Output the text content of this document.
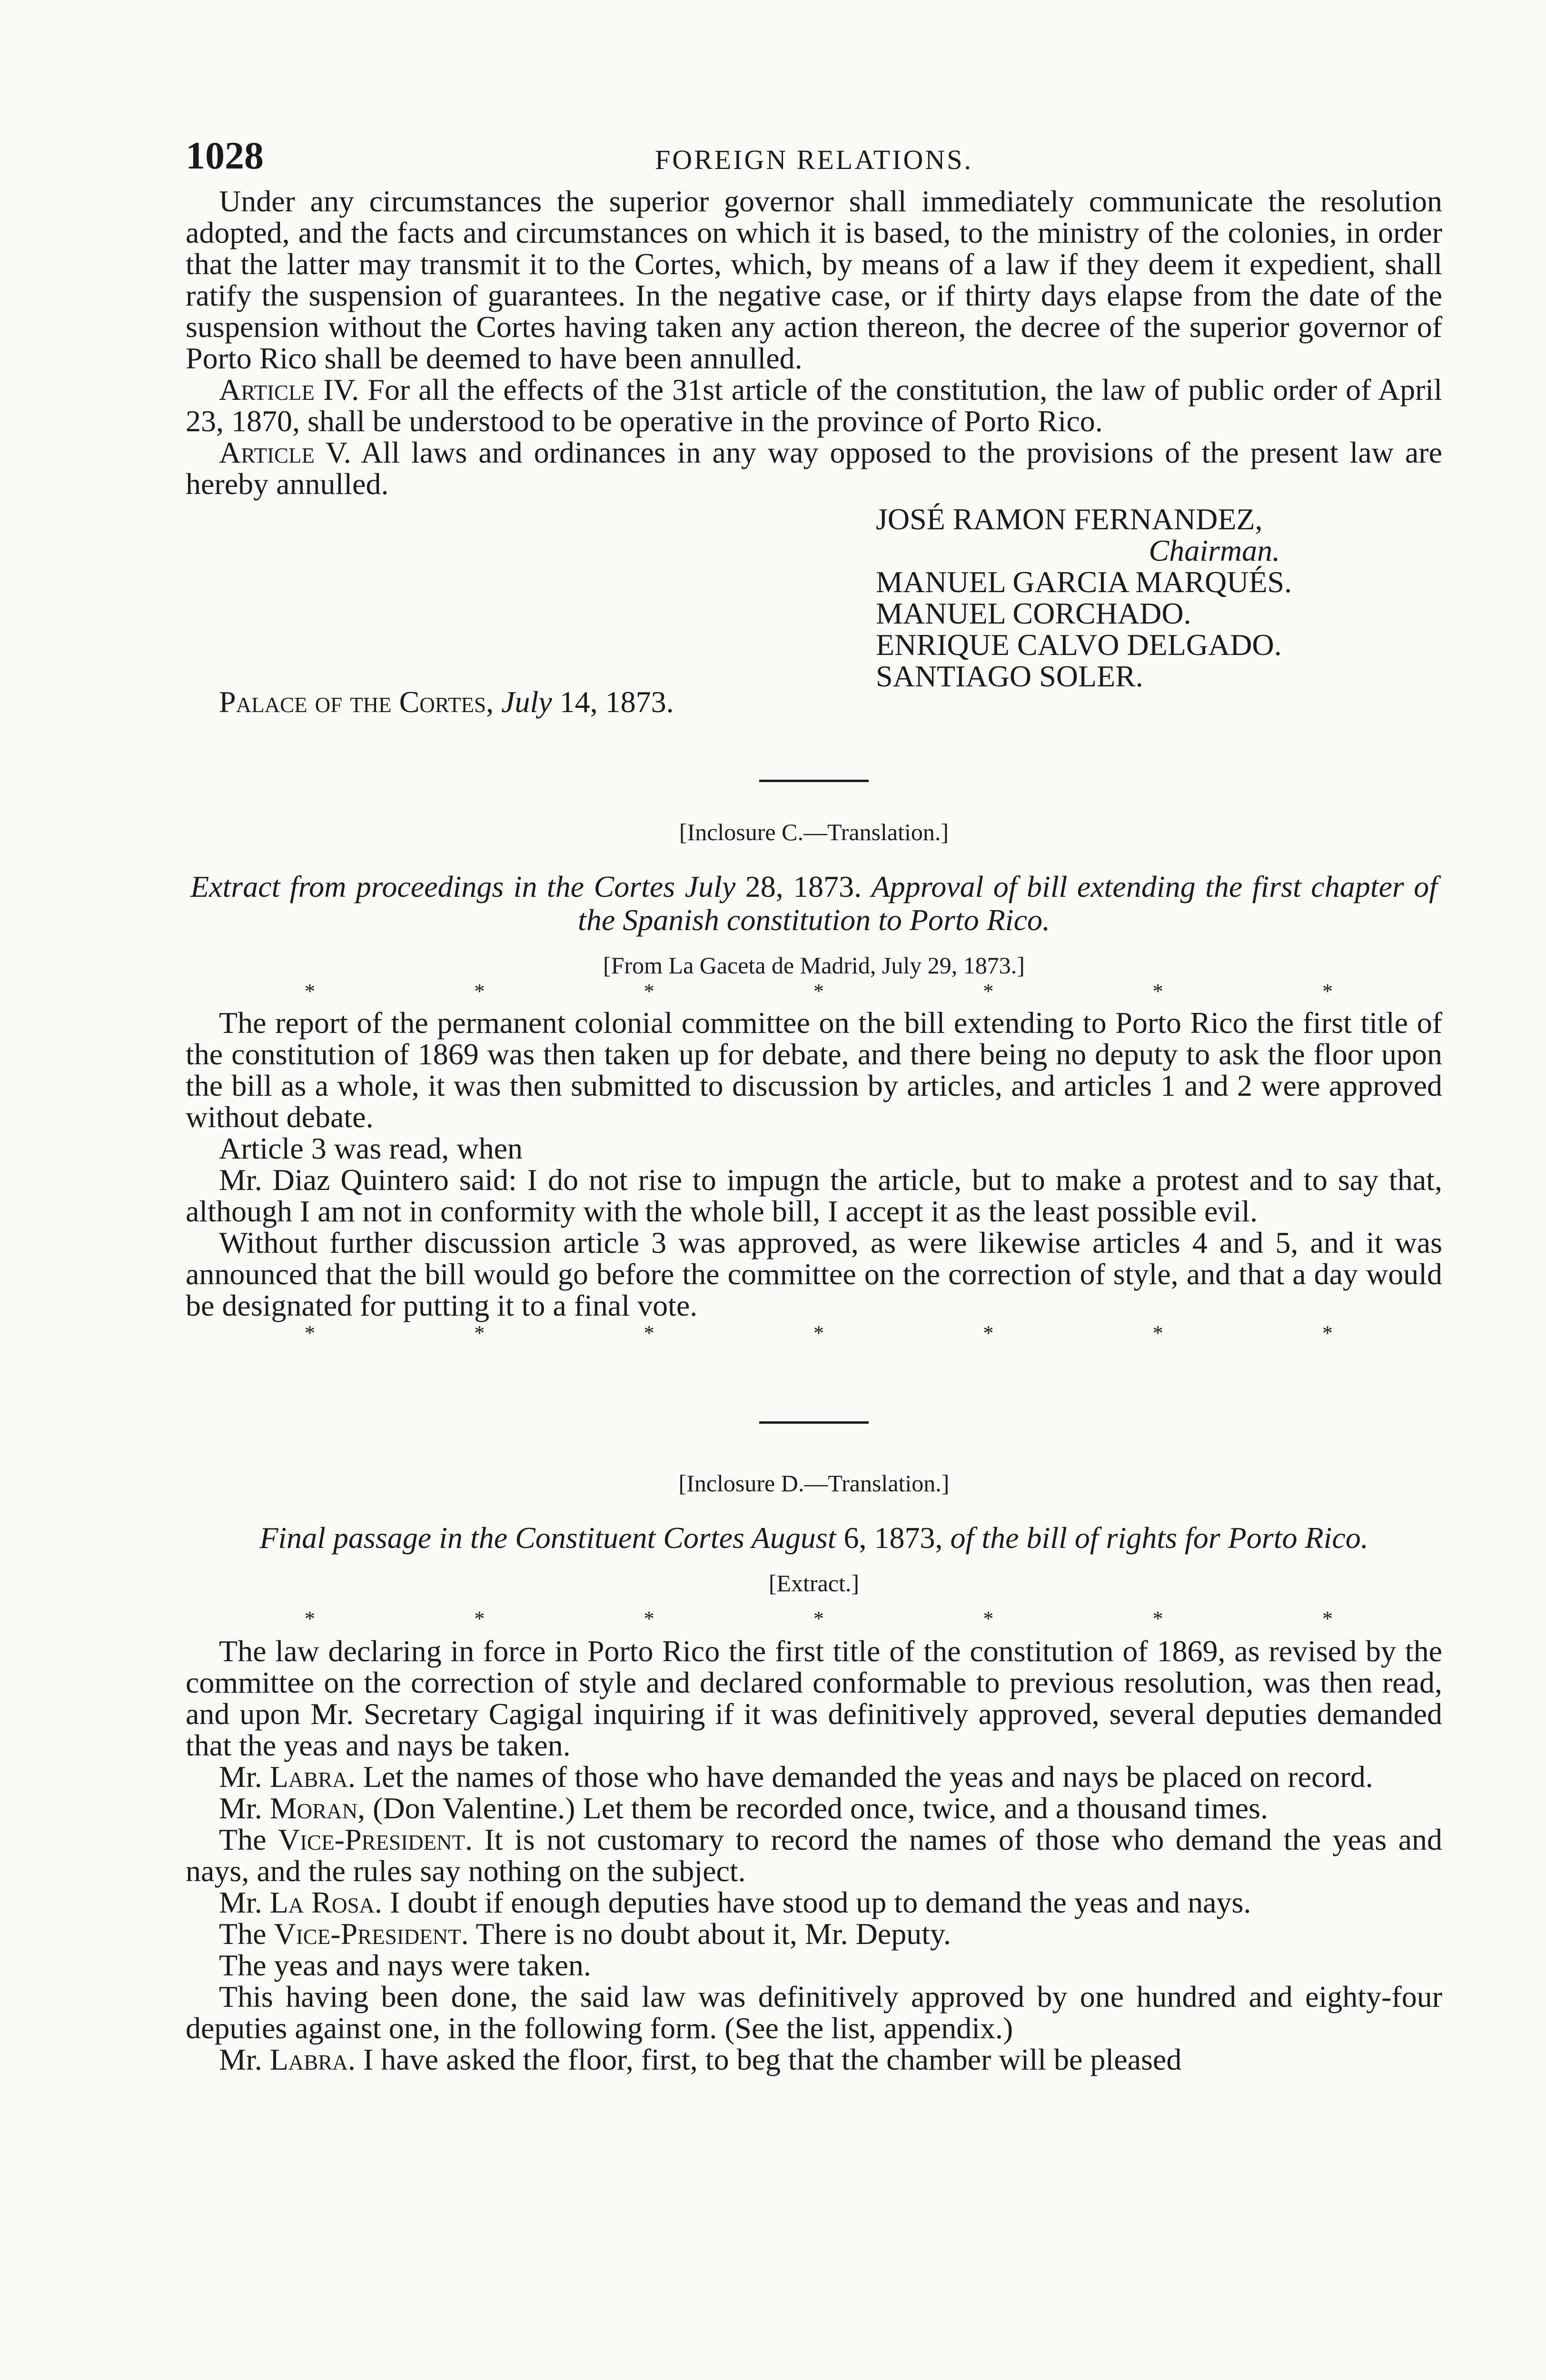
1028	FOREIGN RELATIONS.

Under any circumstances the superior governor shall immediately communicate the resolution adopted, and the facts and circumstances on which it is based, to the ministry of the colonies, in order that the latter may transmit it to the Cortes, which, by means of a law if they deem it expedient, shall ratify the suspension of guarantees. In the negative case, or if thirty days elapse from the date of the suspension without the Cortes having taken any action thereon, the decree of the superior governor of Porto Rico shall be deemed to have been annulled.

Article IV. For all the effects of the 31st article of the constitution, the law of public order of April 23, 1870, shall be understood to be operative in the province of Porto Rico.

Article V. All laws and ordinances in any way opposed to the provisions of the present law are hereby annulled.

JOSÉ RAMON FERNANDEZ,
Chairman.
MANUEL GARCIA MARQUÉS.
MANUEL CORCHADO.
ENRIQUE CALVO DELGADO.
SANTIAGO SOLER.
Palace of the Cortes, July 14, 1873.
[Inclosure C.—Translation.]
Extract from proceedings in the Cortes July 28, 1873. Approval of bill extending the first chapter of the Spanish constitution to Porto Rico.
[From La Gaceta de Madrid, July 29, 1873.]
*	*	*	*	*	*	*

The report of the permanent colonial committee on the bill extending to Porto Rico the first title of the constitution of 1869 was then taken up for debate, and there being no deputy to ask the floor upon the bill as a whole, it was then submitted to discussion by articles, and articles 1 and 2 were approved without debate.

Article 3 was read, when

Mr. Diaz Quintero said: I do not rise to impugn the article, but to make a protest and to say that, although I am not in conformity with the whole bill, I accept it as the least possible evil.

Without further discussion article 3 was approved, as were likewise articles 4 and 5, and it was announced that the bill would go before the committee on the correction of style, and that a day would be designated for putting it to a final vote.

*	*	*	*	*	*	*
[Inclosure D.—Translation.]
Final passage in the Constituent Cortes August 6, 1873, of the bill of rights for Porto Rico.
[Extract.]
*	*	*	*	*	*	*

The law declaring in force in Porto Rico the first title of the constitution of 1869, as revised by the committee on the correction of style and declared conformable to previous resolution, was then read, and upon Mr. Secretary Cagigal inquiring if it was definitively approved, several deputies demanded that the yeas and nays be taken.

Mr. Labra. Let the names of those who have demanded the yeas and nays be placed on record.

Mr. Moran, (Don Valentine.) Let them be recorded once, twice, and a thousand times.

The Vice-President. It is not customary to record the names of those who demand the yeas and nays, and the rules say nothing on the subject.

Mr. La Rosa. I doubt if enough deputies have stood up to demand the yeas and nays.

The Vice-President. There is no doubt about it, Mr. Deputy.

The yeas and nays were taken.

This having been done, the said law was definitively approved by one hundred and eighty-four deputies against one, in the following form. (See the list, appendix.)

Mr. Labra. I have asked the floor, first, to beg that the chamber will be pleased
